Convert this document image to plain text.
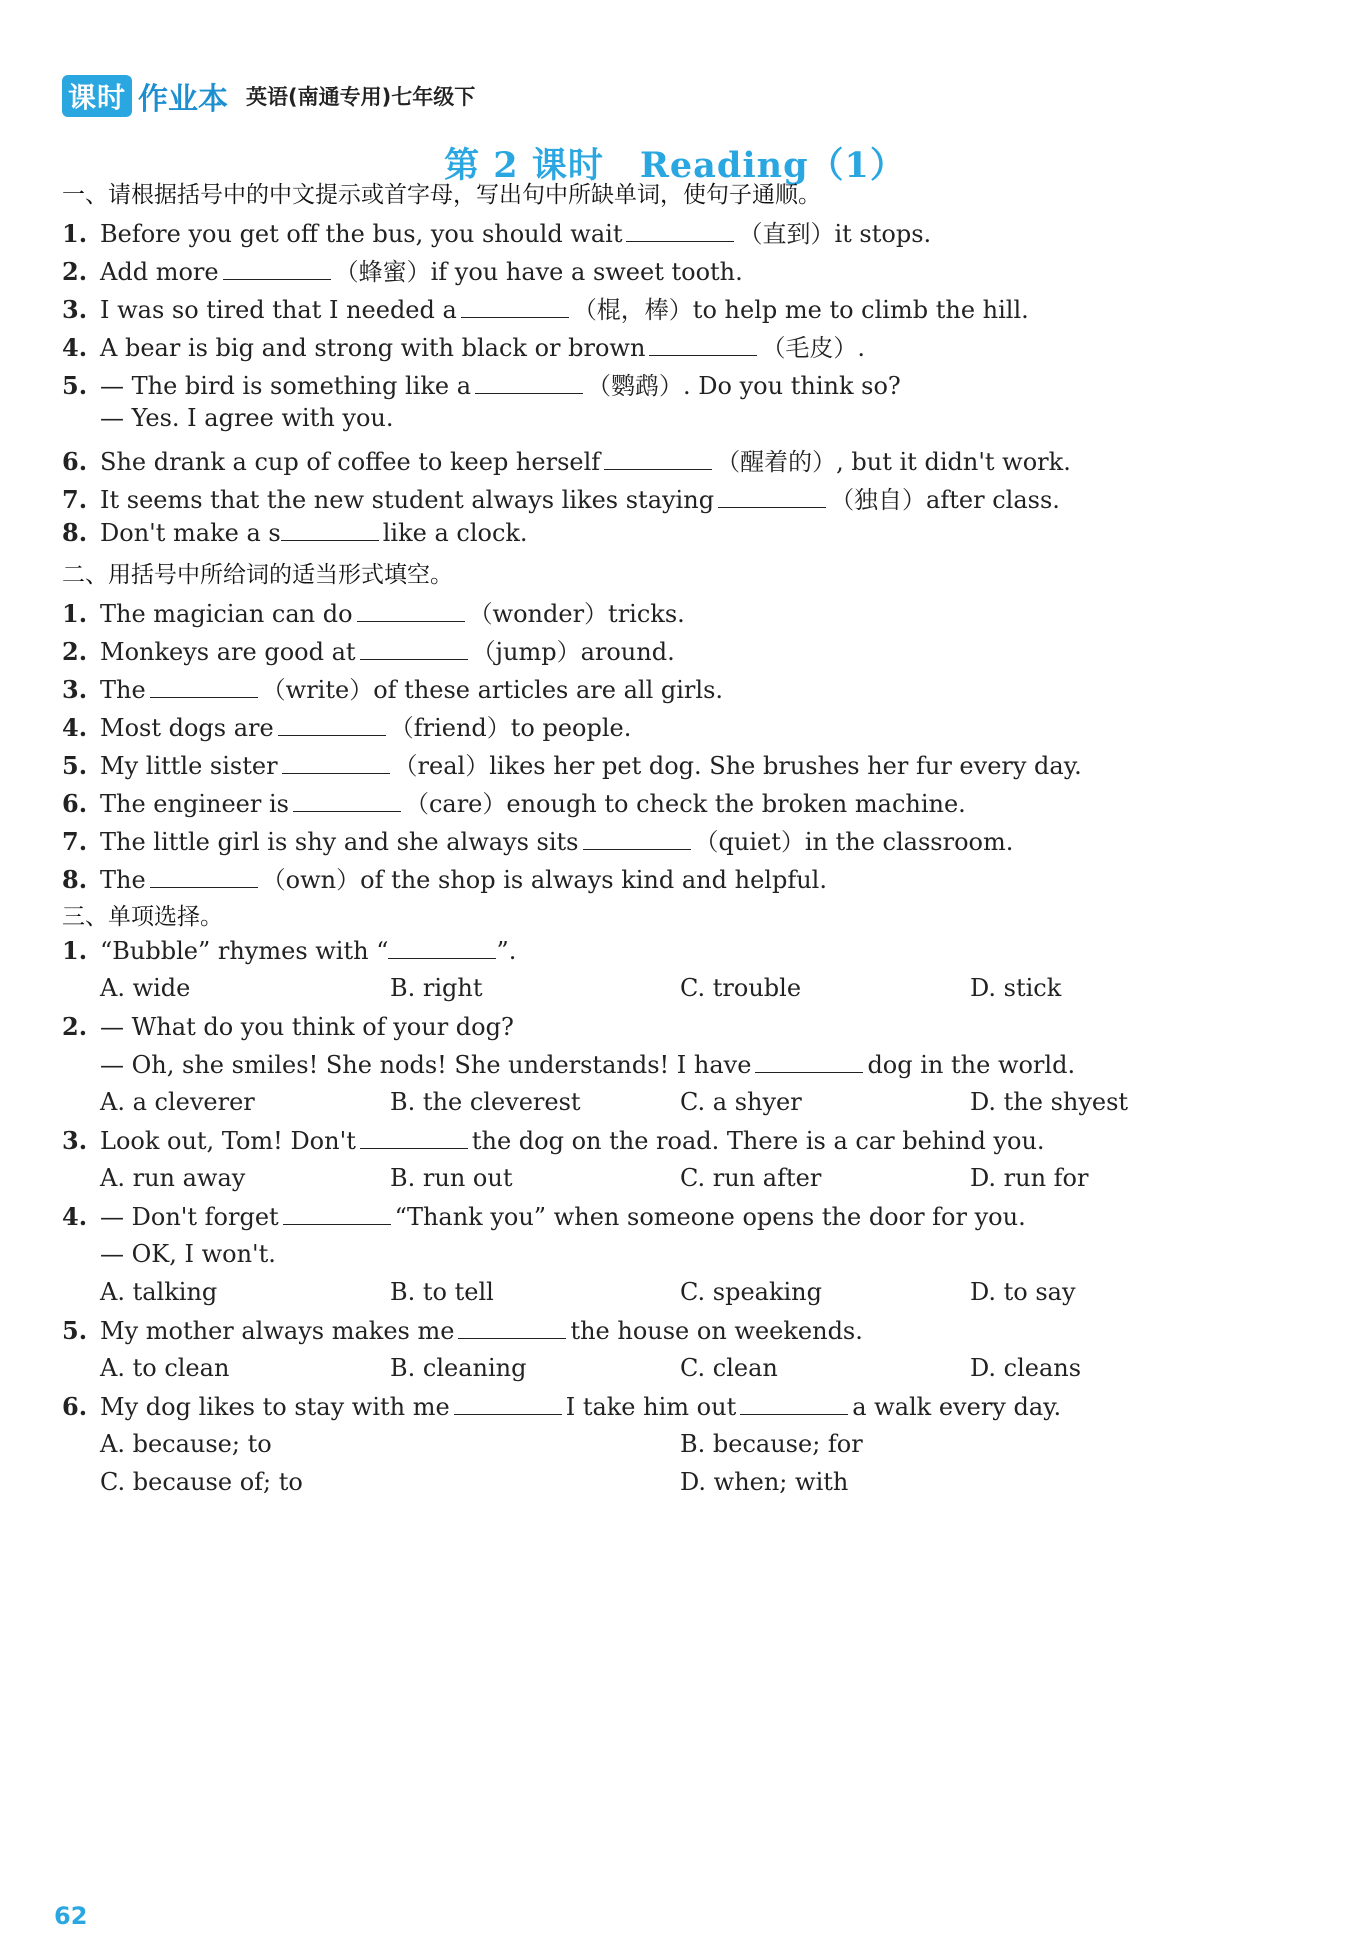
课时 作业本 英语(南通专用)七年级下
第 2 课时　Reading（1）
一、请根据括号中的中文提示或首字母，写出句中所缺单词，使句子通顺。
1. Before you get off the bus, you should wait	（直到）it stops.
2. Add more	（蜂蜜）if you have a sweet tooth.
3. I was so tired that I needed a	（棍，棒）to help me to climb the hill.
4. A bear is big and strong with black or brown	（毛皮）.
5. — The bird is something like a	（鹦鹉）. Do you think so?
— Yes. I agree with you.
6. She drank a cup of coffee to keep herself	（醒着的）, but it didn't work.
7. It seems that the new student always likes staying	（独自）after class.
8. Don't make a s	like a clock.
二、用括号中所给词的适当形式填空。
1. The magician can do	（wonder）tricks.
2. Monkeys are good at	（jump）around.
3. The	（write）of these articles are all girls.
4. Most dogs are	（friend）to people.
5. My little sister	（real）likes her pet dog. She brushes her fur every day.
6. The engineer is	（care）enough to check the broken machine.
7. The little girl is shy and she always sits	（quiet）in the classroom.
8. The	（own）of the shop is always kind and helpful.
三、单项选择。
1. “Bubble” rhymes with “	”.
A. wide	B. right	C. trouble	D. stick
2. — What do you think of your dog?
— Oh, she smiles! She nods! She understands! I have	dog in the world.
A. a cleverer	B. the cleverest	C. a shyer	D. the shyest
3. Look out, Tom! Don't	the dog on the road. There is a car behind you.
A. run away	B. run out	C. run after	D. run for
4. — Don't forget	“Thank you” when someone opens the door for you.
— OK, I won't.
A. talking	B. to tell	C. speaking	D. to say
5. My mother always makes me	the house on weekends.
A. to clean	B. cleaning	C. clean	D. cleans
6. My dog likes to stay with me	I take him out	a walk every day.
A. because; to	B. because; for
C. because of; to	D. when; with
62
